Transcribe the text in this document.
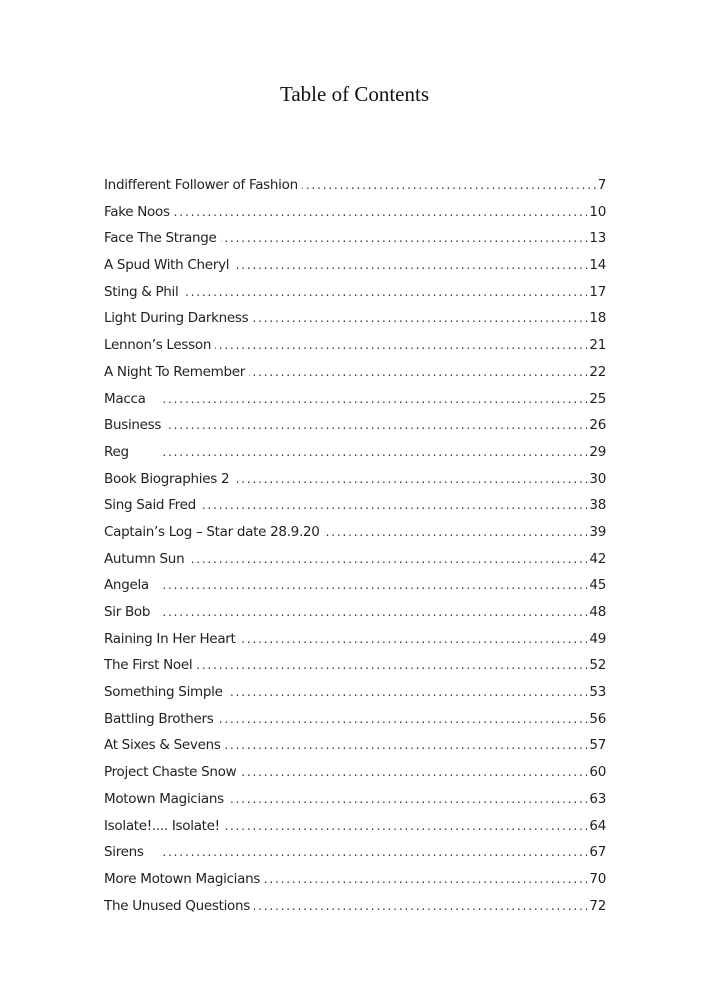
Table of Contents
Indifferent Follower of Fashion . . .	7
Fake Noos . . .	10
Face The Strange . . .	13
A Spud With Cheryl . . .	14
Sting & Phil . . .	17
Light During Darkness . . .	18
Lennon’s Lesson . . .	21
A Night To Remember . . .	22
Macca . . .	25
Business . . .	26
Reg . . .	29
Book Biographies 2 . . .	30
Sing Said Fred . . .	38
Captain’s Log – Star date 28.9.20 . . .	39
Autumn Sun . . .	42
Angela . . .	45
Sir Bob . . .	48
Raining In Her Heart . . .	49
The First Noel . . .	52
Something Simple . . .	53
Battling Brothers . . .	56
At Sixes & Sevens . . .	57
Project Chaste Snow . . .	60
Motown Magicians . . .	63
Isolate!.... Isolate! . . .	64
Sirens . . .	67
More Motown Magicians . . .	70
The Unused Questions . . .	72
